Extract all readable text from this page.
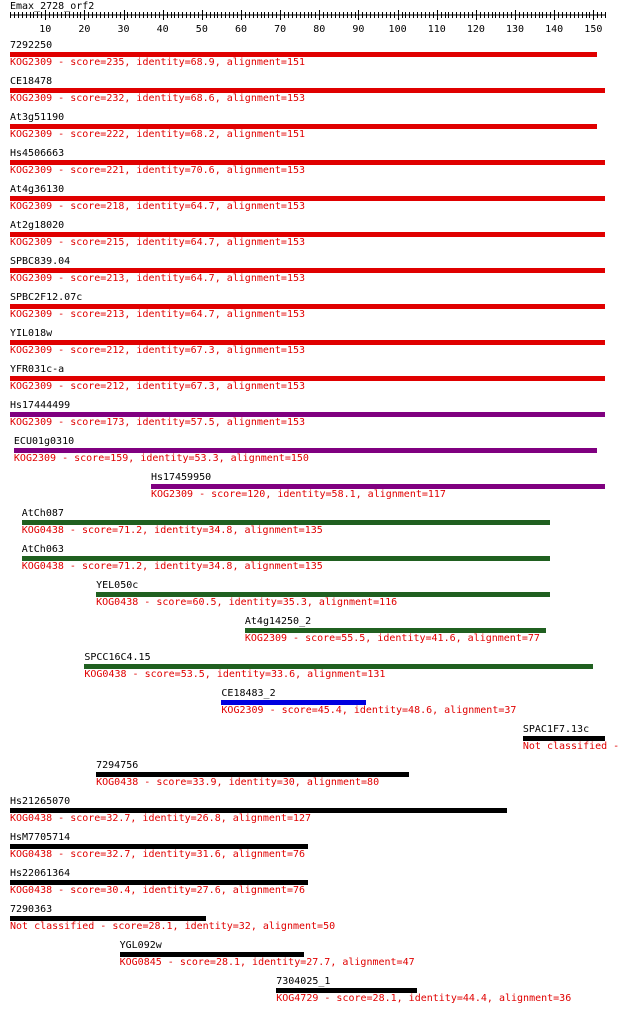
Emax_2728_orf2
10	20	30	40	50	60	70	80	90 100 110 120 130 140 150
7292250
KOG2309 - score=235, identity=68.9, alignment=151
CE18478
KOG2309 - score=232, identity=68.6, alignment=153
At3g51190
KOG2309 - score=222, identity=68.2, alignment=151
Hs4506663
KOG2309 - score=221, identity=70.6, alignment=153
At4g36130
KOG2309 - score=218, identity=64.7, alignment=153
At2g18020
KOG2309 - score=215, identity=64.7, alignment=153
SPBC839.04
KOG2309 - score=213, identity=64.7, alignment=153
SPBC2F12.07c
KOG2309 - score=213, identity=64.7, alignment=153
YIL018w
KOG2309 - score=212, identity=67.3, alignment=153
YFR031c-a
KOG2309 - score=212, identity=67.3, alignment=153
Hs17444499
KOG2309 - score=173, identity=57.5, alignment=153
ECU01g0310
KOG2309 - score=159, identity=53.3, alignment=150
Hs17459950
KOG2309 - score=120, identity=58.1, alignment=117
AtCh087
KOG0438 - score=71.2, identity=34.8, alignment=135
AtCh063
KOG0438 - score=71.2, identity=34.8, alignment=135
YEL050c
KOG0438 - score=60.5, identity=35.3, alignment=116
At4g14250_2
KOG2309 - score=55.5, identity=41.6, alignment=77
SPCC16C4.15
KOG0438 - score=53.5, identity=33.6, alignment=131
CE18483_2
KOG2309 - score=45.4, identity=48.6, alignment=37
SPAC1F7.13c
Not classified -
7294756
KOG0438 - score=33.9, identity=30, alignment=80
Hs21265070
KOG0438 - score=32.7, identity=26.8, alignment=127
HsM7705714
KOG0438 - score=32.7, identity=31.6, alignment=76
Hs22061364
KOG0438 - score=30.4, identity=27.6, alignment=76
7290363
Not classified - score=28.1, identity=32, alignment=50
YGL092w
KOG0845 - score=28.1, identity=27.7, alignment=47
7304025_1
KOG4729 - score=28.1, identity=44.4, alignment=36
